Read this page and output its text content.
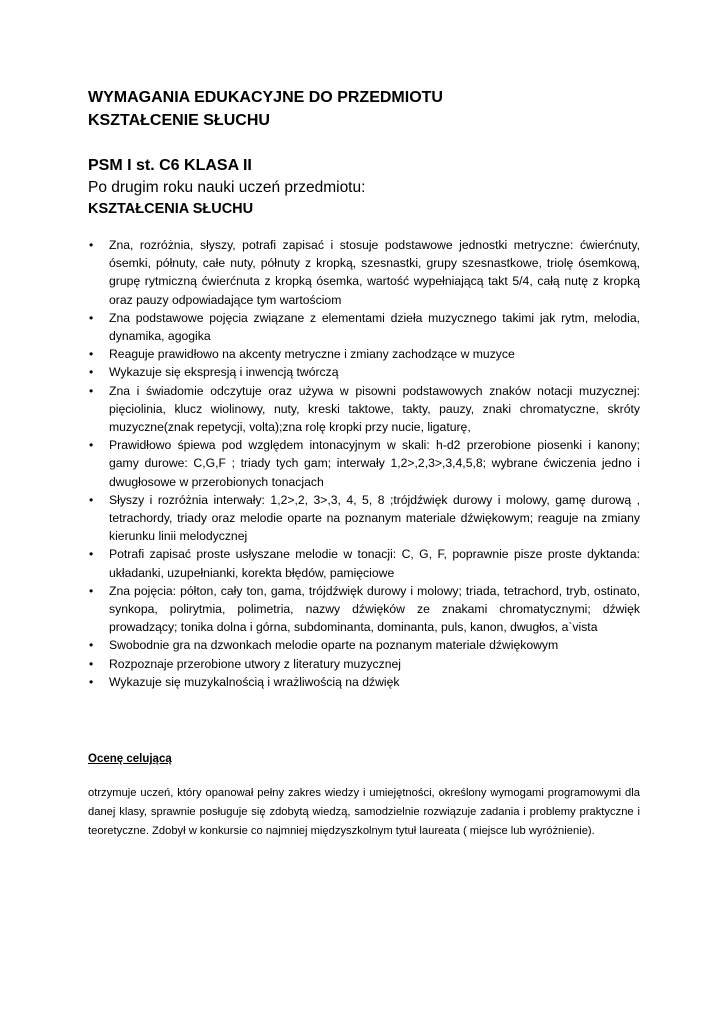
WYMAGANIA EDUKACYJNE DO PRZEDMIOTU

KSZTAŁCENIE SŁUCHU

PSM I st. C6 KLASA II

Po drugim roku nauki uczeń przedmiotu:

KSZTAŁCENIA SŁUCHU

• Zna, rozróżnia, słyszy, potrafi zapisać i stosuje podstawowe jednostki metryczne: ćwierćnuty, ósemki, półnuty, całe nuty, półnuty z kropką, szesnastki, grupy szesnastkowe, triolę ósemkową, grupę rytmiczną ćwierćnuta z kropką ósemka, wartość wypełniającą takt 5/4, całą nutę z kropką oraz pauzy odpowiadające tym wartościom
• Zna podstawowe pojęcia związane z elementami dzieła muzycznego takimi jak rytm, melodia, dynamika, agogika
• Reaguje prawidłowo na akcenty metryczne i zmiany zachodzące w muzyce
• Wykazuje się ekspresją i inwencją twórczą
• Zna i świadomie odczytuje oraz używa w pisowni podstawowych znaków notacji muzycznej: pięciolinia, klucz wiolinowy, nuty, kreski taktowe, takty, pauzy, znaki chromatyczne, skróty muzyczne(znak repetycji, volta);zna rolę kropki przy nucie, ligaturę,
• Prawidłowo śpiewa pod względem intonacyjnym w skali: h-d2 przerobione piosenki i kanony; gamy durowe: C,G,F ; triady tych gam; interwały 1,2>,2,3>,3,4,5,8; wybrane ćwiczenia jedno i dwugłosowe w przerobionych tonacjach
• Słyszy i rozróżnia interwały: 1,2>,2, 3>,3, 4, 5, 8 ;trójdźwięk durowy i molowy, gamę durową , tetrachordy, triady oraz melodie oparte na poznanym materiale dźwiękowym; reaguje na zmiany kierunku linii melodycznej
• Potrafi zapisać proste usłyszane melodie w tonacji: C, G, F, poprawnie pisze proste dyktanda: układanki, uzupełnianki, korekta błędów, pamięciowe
• Zna pojęcia: półton, cały ton, gama, trójdźwięk durowy i molowy; triada, tetrachord, tryb, ostinato, synkopa, polirytmia, polimetria, nazwy dźwięków ze znakami chromatycznymi; dźwięk prowadzący; tonika dolna i górna, subdominanta, dominanta, puls, kanon, dwugłos, a`vista
• Swobodnie gra na dzwonkach melodie oparte na poznanym materiale dźwiękowym
• Rozpoznaje przerobione utwory z literatury muzycznej
• Wykazuje się muzykalnością i wrażliwością na dźwięk

Ocenę celującą

otrzymuje uczeń, który opanował pełny zakres wiedzy i umiejętności, określony wymogami programowymi dla danej klasy, sprawnie posługuje się zdobytą wiedzą, samodzielnie rozwiązuje zadania i problemy praktyczne i teoretyczne. Zdobył w konkursie co najmniej międzyszkolnym tytuł laureata ( miejsce lub wyróżnienie).
